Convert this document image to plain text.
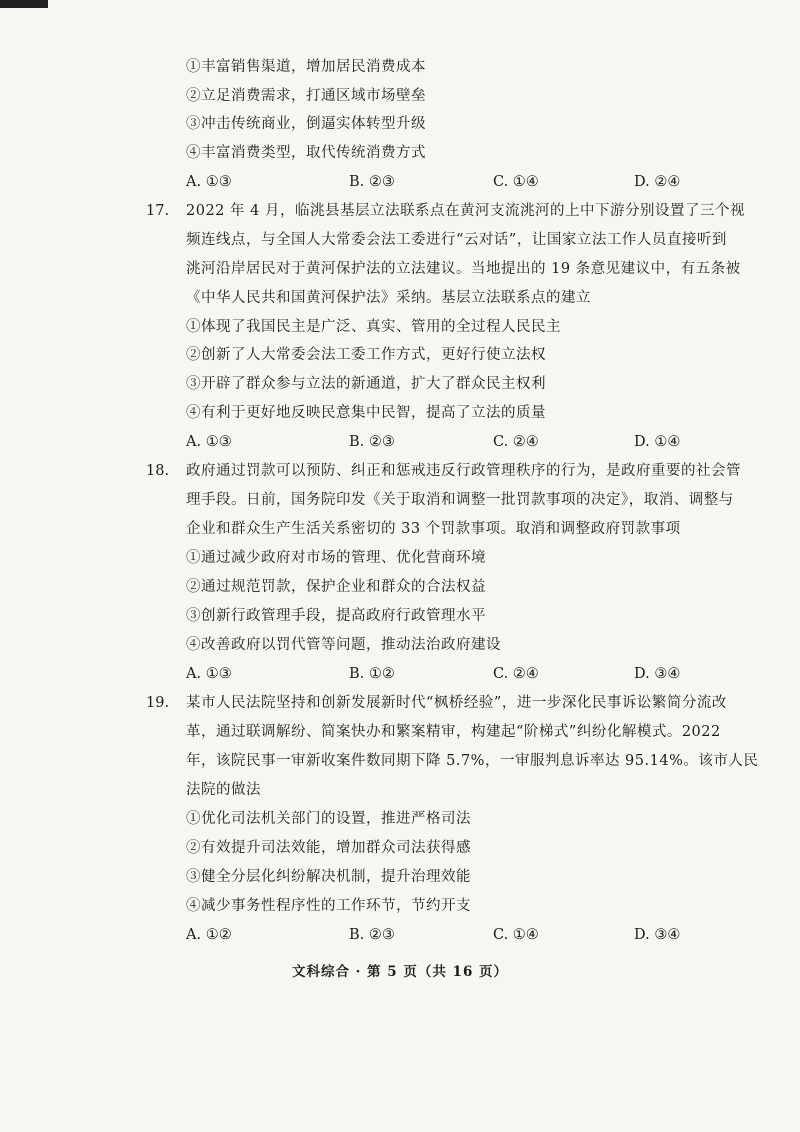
①丰富销售渠道，增加居民消费成本
②立足消费需求，打通区域市场壁垒
③冲击传统商业，倒逼实体转型升级
④丰富消费类型，取代传统消费方式
A. ①③	B. ②③	C. ①④	D. ②④
17. 2022 年 4 月，临洮县基层立法联系点在黄河支流洮河的上中下游分别设置了三个视
频连线点，与全国人大常委会法工委进行“云对话”，让国家立法工作人员直接听到
洮河沿岸居民对于黄河保护法的立法建议。当地提出的 19 条意见建议中，有五条被
《中华人民共和国黄河保护法》采纳。基层立法联系点的建立
①体现了我国民主是广泛、真实、管用的全过程人民民主
②创新了人大常委会法工委工作方式，更好行使立法权
③开辟了群众参与立法的新通道，扩大了群众民主权利
④有利于更好地反映民意集中民智，提高了立法的质量
A. ①③	B. ②③	C. ②④	D. ①④
18. 政府通过罚款可以预防、纠正和惩戒违反行政管理秩序的行为，是政府重要的社会管
理手段。日前，国务院印发《关于取消和调整一批罚款事项的决定》，取消、调整与
企业和群众生产生活关系密切的 33 个罚款事项。取消和调整政府罚款事项
①通过减少政府对市场的管理、优化营商环境
②通过规范罚款，保护企业和群众的合法权益
③创新行政管理手段，提高政府行政管理水平
④改善政府以罚代管等问题，推动法治政府建设
A. ①③	B. ①②	C. ②④	D. ③④
19. 某市人民法院坚持和创新发展新时代“枫桥经验”，进一步深化民事诉讼繁简分流改
革，通过联调解纷、简案快办和繁案精审，构建起“阶梯式”纠纷化解模式。2022
年，该院民事一审新收案件数同期下降 5.7%，一审服判息诉率达 95.14%。该市人民
法院的做法
①优化司法机关部门的设置，推进严格司法
②有效提升司法效能，增加群众司法获得感
③健全分层化纠纷解决机制，提升治理效能
④减少事务性程序性的工作环节，节约开支
A. ①②	B. ②③	C. ①④	D. ③④
文科综合 · 第 5 页（共 16 页）
